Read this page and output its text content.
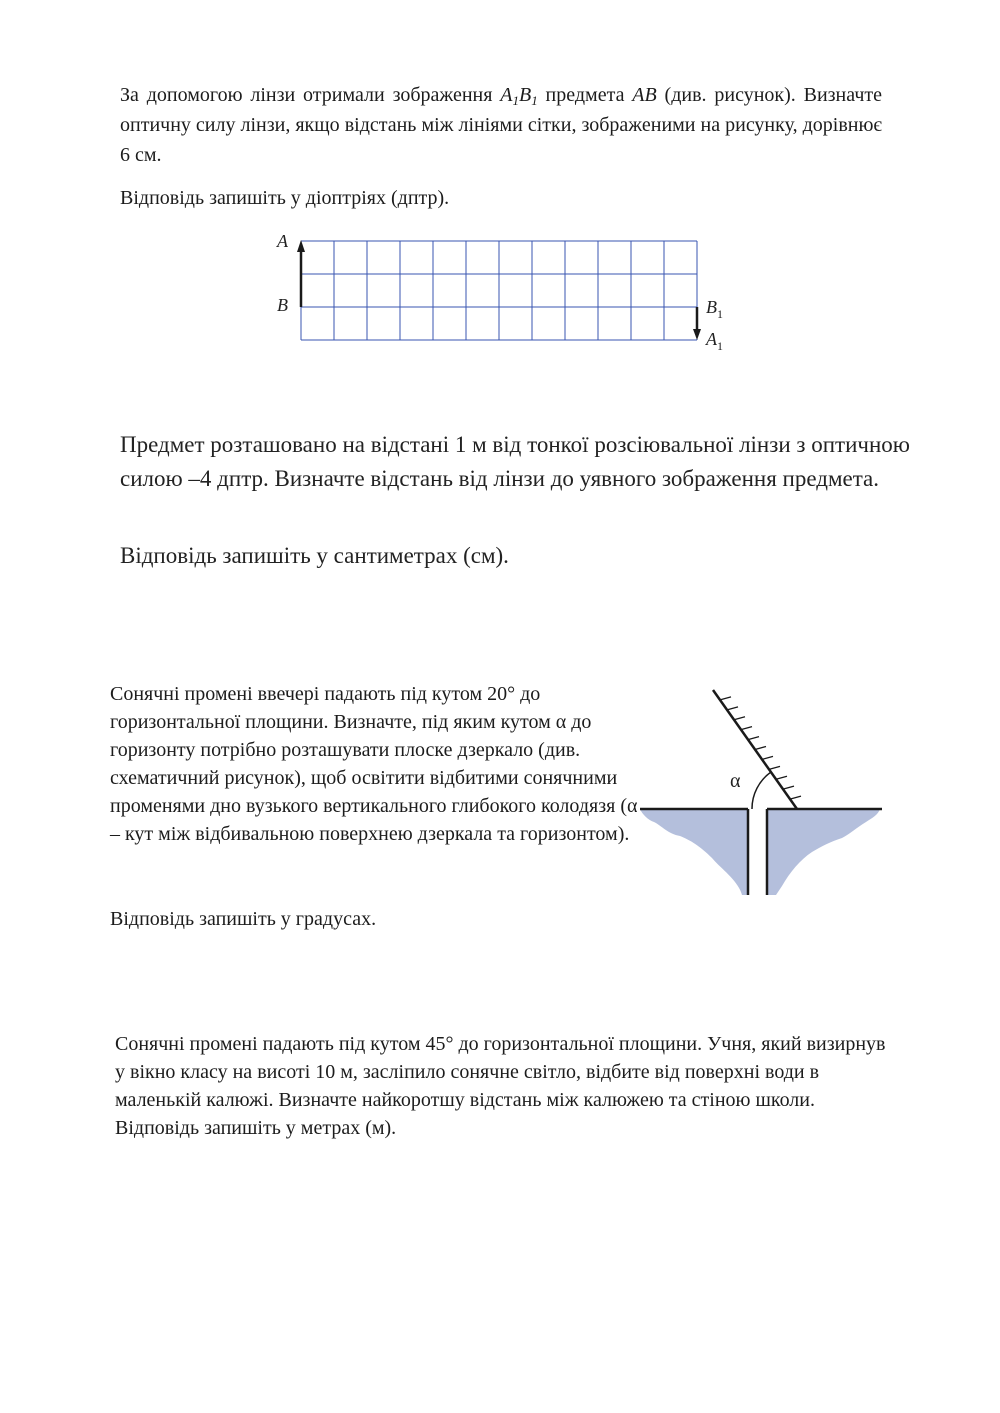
За допомогою лінзи отримали зображення $A_1B_1$ предмета AB (див. рисунок). Визначте оптичну силу лінзи, якщо відстань між лініями сітки, зображеними на рисунку, дорівнює 6 см.
Відповідь запишіть у діоптріях (дптр).
A
B	$B_1$
$A_1$
Предмет розташовано на відстані 1 м від тонкої розсіювальної лінзи з оптичною силою –4 дптр. Визначте відстань від лінзи до уявного зображення предмета.
Відповідь запишіть у сантиметрах (см).
Сонячні промені ввечері падають під кутом 20° до горизонтальної площини. Визначте, під яким кутом α до горизонту потрібно розташувати плоске дзеркало (див. схематичний рисунок), щоб освітити відбитими сонячними променями дно вузького вертикального глибокого колодязя (α – кут між відбивальною поверхнею дзеркала та горизонтом).
Відповідь запишіть у градусах.
α
Сонячні промені падають під кутом 45° до горизонтальної площини. Учня, який визирнув у вікно класу на висоті 10 м, засліпило сонячне світло, відбите від поверхні води в маленькій калюжі. Визначте найкоротшу відстань між калюжею та стіною школи.
Відповідь запишіть у метрах (м).
